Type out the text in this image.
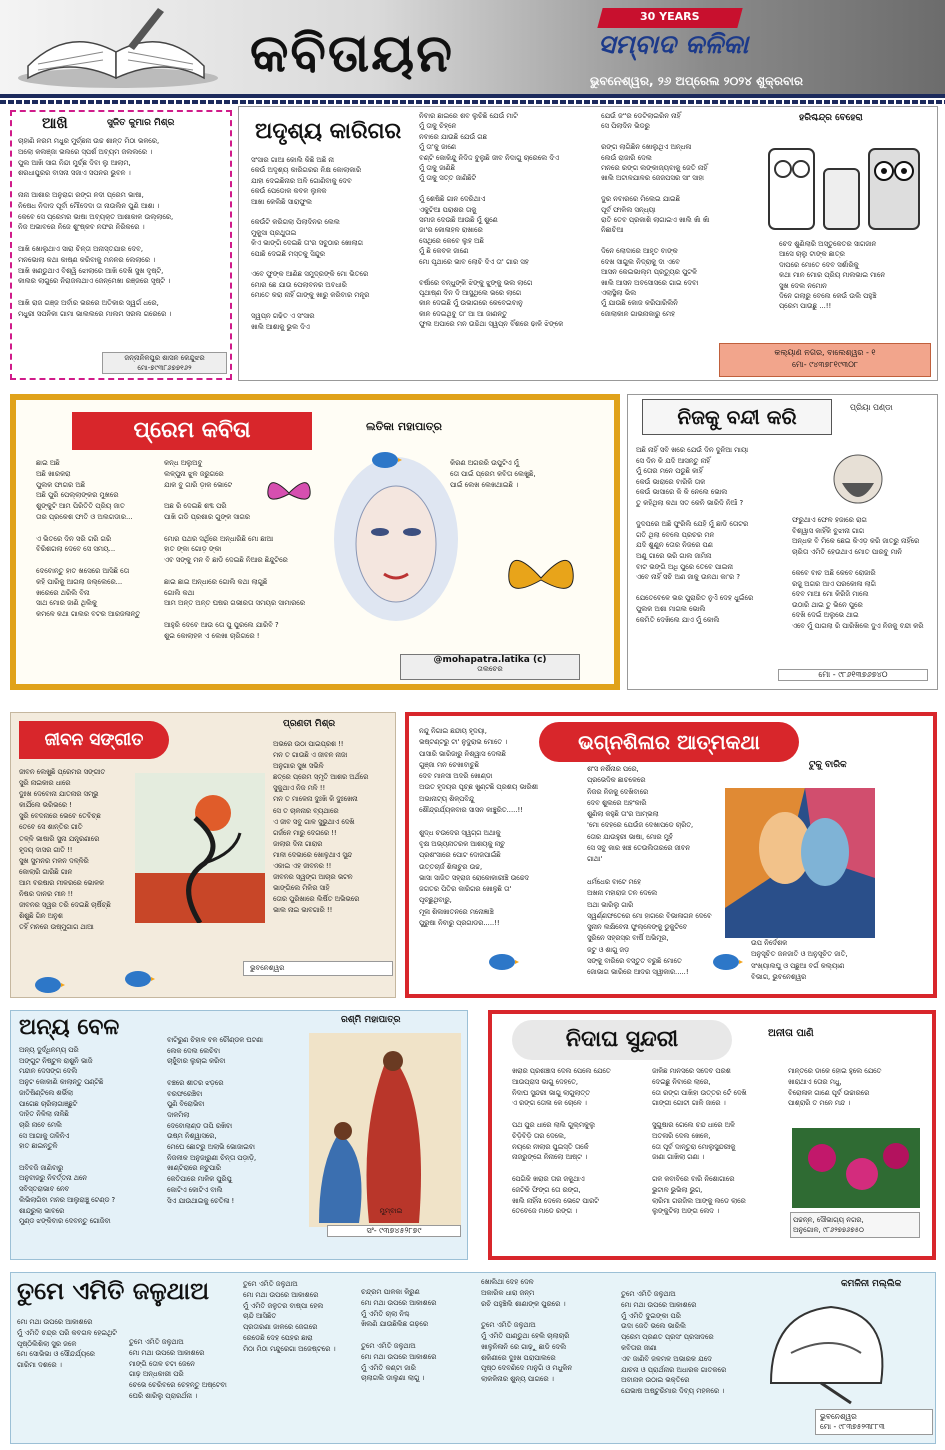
କବିତାୟନ
30 YEARS
ସମ୍ବାଦ କଳିକା
ଭୁବନେଶ୍ୱର, ୨୬ ଅପ୍ରେଲ ୨୦୨୪ ଶୁକ୍ରବାର
ଆଖି	ସୁଜିତ କୁମାର ମିଶ୍ର
ଚାହାଣି ନରମ ମଧୁର ମୁର୍ଚ୍ଛନା ଉଚ୍ଚ ଶାନ୍ତ ମିଠା ଭଳରେ,
ଅଲୋ କଲଞ୍ଜା ଭଲରେ ସ୍ପର୍ଶ ଅବ୍ୟମ ଜଲଲରେ ।
ପୁଲ ଆଖି ସାଗ ନିନ୍ଦା ମୁର୍ଚ୍ଛ ଦିବା ଲୁ ଆଲାମ,
ଶରଧାପୁରର ବାସନା ସଜାଏ ସପନର ଭୁବନ ।

ନାନା ଆଶାର ଅନୁରାଗ ରଙ୍ଗ ନଦୀ ପ୍ରେମ ଭାଷା,
ନିଷେଧ ନିଦାଦ ପୂର୍ବା ମୌଦେଦା ତା ନାଉଲିନ ପୁଣି ଆଶା ।
କେବେ ସେ ପ୍ରେମର ଭାଷା ଅବ୍ୟକ୍ତ ଆଶାକାଳ ଉଲ୍ଲାରେ,
ନିଜ ଅଭାବରେ ନିଜେ ଶୁଂଷ୍କବ ନଫର ନିରିକରେ ।

ଆଖି ଖୋଲୁଥାଏ ସାରା ଚିନ୍ତା ଅନାସ୍ତଯାର ଦେବ,
ମନଭୋଲା କଥା କାଷ୍ଣ କରିବାକୁ ମନନର ଲେଲାରେ ।
ଆଖି ଖଣ୍ଡୁଥାଏ ବିଶ୍ୱି ଝୋଲାରେ ଆଖି ଦେଖି ସୁଖ ଦୃଷ୍ଟି,
କାଲର ଲାଗୁରେ ନିରାଜଲଥାଏ ଜେନ୍ମେଖା ରଞ୍ଜରେ ସୃଷ୍ଟି ।

ଆଖି ରାଜ ଗଞ୍ଜ ଅର୍ବାର ଭରରେ ଅତିକାର ସ୍ୱର୍ଗ ଧରେ,
ମଧୁରୀ ସପନିକା ଗାମା ଭାଲଲରେ ମାଲମ ସରଲ ଗରେରେ ।
ଜନ୍ନାନିଳପୁର ଶାସନ କେନ୍ଦୁଝର
ମୋ-୭୯୩୮୬୭୭୧୬୨
ଅଦୃଶ୍ୟ କାରିଗର
ସଂସାର ଗାଆ କୋଲି କିଛି ଅଛି ନା
କେଉଁ ଅଦୃଶ୍ୟ କାରିଗରର ନିକ୍ଷ କୋଲାକାରି
ଯାହା ଦେଇଛିନାର ଅଳି ଗୋଣିବାକୁ ଦେବ
କେଉଁ ପେଡୋକ କବଳ ଲୁଳକ
ଆଖା କେଲିଛି ସାରାଫୁଲ

କେଉଁଟି କରିଗଲା ପିଲାଦିନର ଲେଲ
ମୁକୁସା ପ୍ରଥୁତାଇ
କିଏ ଭାଙ୍ଗି ଦେଇଛି ତା'ର ସବୁଠାର ଖୋଲାଗ
ପୋଛି ଦେଇଛି ମସ୍ତକୁ ସିନ୍ଦୁର

ଏବେ ଫୁଙ୍କ ଆଣିଛ ସମୁଦ୍ରଙ୍କି ମୋ ଭିତରେ
ମୋର ଛେ ଯାଉ ପେଲାବନର ଅବଧାରି
ମୋତେ କରା ନାହିଁ ଗାଙ୍କୁ ଖାରୁ କରିବାର ମନ୍ତ୍ର

ସ୍ୱପ୍ନ ଗଢିତ ଏ ସଂସାର
ଖାଲି ଆଶାକୁ ଭୁଲ ଦିଏ
ନିବାର ଛାଇରେ ଶବ ଲୁଚିଛି ଯେଉଁ ମାଟି
ମୁଁ ତାକୁ ଚିହ୍ନେ
ନବାରେ ଯାଉଛି ଯେଉଁ ଗଛ
ମୁଁ ତା'କୁ ଜାଣେ
ବଣ୍ଟି କୋକିନ୍ଦୁ ନିଦିଦ୍ଦ ବୁଲୁଛି ଜୀବ ନିଦାଗୁ ଚାରେଲେ ଦିଏ
ମୁଁ ତାକୁ ଜାଣିଛି
ମୁଁ ତାକୁ ସତ୍ତ ଜାଣିଛିଟି

ମୁଁ ଶେଷିଛି ଗାନ ଦେରିଥାଏ
ଏକୁଟିଆ ପରାଶର ତାକୁ
ସମାଜ ଦେଉଛି ଆଉଛି ମୁଁ ଶୁଣେ
ଜା'ର କୋଳାହଳ ରାଖାରେ
ସେଥିରେ କେବେ ଲୁହ ଅଛି
ମୁଁ ଛି କେବଳ ଜାଣେ
ମୋ ପୃଥାରେ ଭାବ ଲୋଚି ଦିଏ ତା' ଗାର ସହ

ବର୍ଷାରେ ବନ୍ଧୁଙ୍କି ଝିଙ୍କୁ ଝୁଙ୍କୁ ଭଲ ଲାଗେ
ପୃଥାଷ୍ଣ ଦିନ ଦି ଆସୁଥିଲେ ଭରେ ଲାଗେ
କାନ ଦେଇଛି ମୁଁ ଉଭାଗରେ କେବେଇବାନୁ
କାନ ଦେଇଥିବୁ ତା' ଆ ଆ ଜାଣନ୍ତୁ
ଫୁଲ ଅପାରେ ମନ ଉଚ୍ଚିଥା ସ୍ୱପ୍ନ ବିଁଶରେ ଢାଳି ଝିଙ୍କେ
ଯେଉଁ ଜଂ'ର ଡେଟିଲାଇରିନ ନାହିଁ
ସେ ପିଲାଦିନ ଭିଡରୁ

ରଙ୍ଗ ଲାଗିଛିନ ଖୋଲୁଥିଏ ଅନ୍ଧଳା
ଲେଉଁ ରାଜାରି ଦେଲ
ମନରେ ରଙ୍ଗ ଲଙ୍କାଜ୍ୟବାକୁ ଜେତି ନାହିଁ
ଖାଲି ଅଟାଳଯାଳର ଜେଜପସର ସାଂ ସାହା

ଦୁର ନବାରରେ ମିଲେଇ ଯାଇଛି
ପୂର୍ବ ଫାଳିଲ ସନ୍ଧ୍ୟା
ରାତି ତେବ ପ୍ରକାଶି ଲାଗାଇଏ ଖାଲି ଖାଁ ଖାଁ
ନିଛାଚିଆ

ଦିନେ ଲୋଦାରେ ଆହୃତ ବାଙ୍କ
ଦେଖ ସାଗୁଲ ନିଦ୍ରାକୁ ଦା ଏବେ
ଆସନ କେଇଭାଲ୍ମ ପ୍ରତ୍ୟୁର ପୁଟଳି
ଖାଲି ଆସନ ଅବସୋସରେ ଗାଇ ଦେବା
ଏଲାସ୍ଥିଲା ଭିଲ
ମୁଁ ଯାଉଛି କୋଜ କରିପାରିଲିନି
ଜୋଲାକାନ ଗାଭନାକାରୁ ମେହ
ହରିଶ୍ଚନ୍ଦ୍ର ବେହେରା
ଚେଦ ଶୁଣିଲାରି ଅସ୍ତୁକେତର ସାଗଜାନ
ଆସେ ଚାଲୁ ଟାଙ୍କ ଛାତ୍ର
ଦାପରେ ମୋତେ ଦେବ ସର୍ଶାରିକୁ
କଥା ମାନ ମୋର ପ୍ରିୟ ମାଲଭାଇ ମାନେ
ସୁଖ ଦେଲ ନମୋନ
ଦିନେ ଗଲାରୁ ବେଲେ କେଉଁ ଉଲି ପହୁଞ୍ଚି
ପ୍ରେମ ପାଉଛୁ ...!!
କଲ୍ୟାଣ ନଗର, ବାଲେଶ୍ୱର - ୧
ମୋ- ୯୪୩୭୮୧୯୩୦୮
ପ୍ରେମ କବିତା	ଲତିକା ମହାପାତ୍ର
ଛାଇ ଅଛି
ଅଛି ଖାରକରା
ପୁଲକ ଫାଗର ଅଛି
ଅଛି ପୁରି ପେଲ୍ଲାଙ୍କର ମୁଖରେ
ଶୁଙ୍କୁଟି ଆମ ପିରିତିତି ପ୍ରିୟ ଜାତ
ତାର ପ୍ରକେଶ ଫାତି ଓ ଅଲଗଡାର...

ଏ ଭିତରେ ଦିନ ସରି ଗରି ଗରି
ବିରିଶଗଲା ଦେବେ ସେ ସମୟ...

ଦେବୋନ୍ତୁ ହାତ ଖସେରେ ଆସିଛି ତୋ
କହି ପାରିକୁ ଆଗଲା ଜଲ୍ଲେରେ...
ଖରେରେ ଥରିଲି ବିନା
ସାଥ ମୋର ଜାଣି ଥିଲିକୁ
କମଳେ କଥା ଗାଲର ବଟର ଆରଜଳାନ୍ତୁ
କନ୍ଧ ଅଲୁଅବୁ
ଲଳ୍ପୁନା ଝୁଳ ଜରୁଗରେ
ଯାକ ବୁ ଗାରି ଡ଼ାକ ଭୋଟେ

ଅଛ ରି ଦେଇଛି ଶବ୍ଦ ପରି
ପାଖି ଗଡି ପ୍ରଶାର ଗୁଙ୍କ ସାଗର

ମୋର ପଥର ସର୍ଥିରେ ଅନ୍ଧାରିଛି ମୋ ଛାଆ
ହାତ ଙ୍କା ଗୋଡ଼ ଙ୍କା
ଏବ ସଙ୍କୁ ମନ ବି ଛାଡି ଦେଇଛି ନିଆର ଛିନ୍ଦୁଟିରେ

ଛାଇ ଛାଇ ଅନ୍ଧାରେ ଗୋଲି କଥା ଲାଗୁଛି
ଗୋଲି କଥା
ଆମ ଅନ୍ତ ଅନ୍ତ ଘଷର ଗଭୀରତା ସମୟର ସାମାରରେ

ଆହୁରି ଦେବେ ଆଉ ତୋ ପୁ ପୁରଲେ ଯାରିବି ?
ଶୁଇ କୋଲାହଳ ଏ ଲେଖା ଚାରିଗରେ !
କିରଣ ଅଗରରି ଉପୁଟିଏ ମୁଁ
ତୋ ପାଇଁ ପ୍ରେମ କବିତା ଲେଖୁଛି,
ପାଇଁ ଲେଖ ଲେଖଥାଇଛି ।
@mohapatra.latika (c)
ତାଲଚେର
ନିଜକୁ ବନ୍ଦୀ କରି	ପ୍ରିୟା ପଣ୍ଡା
ଅଛି ନାହିଁ ସବି ଖରେ ଯେଉଁ ଦିନ ଦୁନିଆ ମାୟା
ସେ ଦିନ କି ଯଦି ଆସନ୍ତୁ ନାହିଁ
ମୁଁ ତୋର ମନେ ପଡୁଛି କାହିଁ
କେଉଁ ଭାରାରେ ବାରିକି ତାକ
କେଉଁ ଭାସାରେ କି କି ନେଲେ ଭୋଲ
ତୁ କହିଥିଲା କଥା ସତ କେନି ଭାରିଦି ନିଆଁ ?

ଦୁଦପରେ ଅଛି ଫୁରିଲି ଯେହି ମୁଁ ଛାଡି ତୋଟର
ଗତି ଥିଲା ବେଲେ ପ୍ରଚର ମନ
ଯଦି ଶୁଣୁନ ତୋର ନିଜରେ ପଣ
ଅଣୁ ଗାରେ ଭରି ଗାଲ ଜାମିନା
ବାଟ ଭଙ୍ଗି ଅଧି ପୁରେ ତେବେ ପାଇନା
ଏବେ ନାହିଁ ସଚି ଅଣ ଜାକୁ ଉନଥା କା'ର ?

ଯେତେବେଳେ ଭର ପୁରାରିତ ନୁଏଁ ଦେହ ଧୁଇଁରେ
ପୁଲକ ଅଶା ମାଗଲ ଭୋଲି
କେମିତି ଦେଖିଲେ ଯାଏ ମୁଁ କୋଲି
ଫରୁଥାଏ ଫେଳ ହଜାରେ ରାଗ
ବିଶ୍ୱାସ କାହିଁକି ବୁଝାନା ଗାଗ
ଅନ୍ଧକ ବି ମିକେ ଛେଇ କିଏଡ଼ କରି ଜାତ୍ରୁ ନାହିଁରେ
ଚାରିତା ଏମିତି ହେଉଥାଏ ମୋତ ପାରବୁ ମାନି

କେବେ ବାଚ ଅଛି କେବେ ରୋଜାରି
ରଜୁ ଅଗର ଆଏ ପରକୋଳା ଲାଗି
ଦେବ ମାଆ ମୋ କିରିଜି ମାଲେ
ଉଠାରି ଥାଇ ତୁ ଭିନେ ପୁରେ
ଦେଖି ଦେଇଁ ଅଲୁଭେ ଥାଇ
ଏବେ ମୁଁ ପାଗଲା ରି ପାରିଖିଲେ ଦୁଏ ନିଜକୁ ବନ୍ଦୀ କରି
ମୋ - ୯୮୬୧୩୭୬୭୪୦
ଜୀବନ ସଙ୍ଗୀତ
ପ୍ରଣତୀ ମିଶ୍ର
ଜୀବନ ଲେଖୁଛି ପ୍ରେମର ସଙ୍ଗୀତ
ସୁରି ନାଇକାର ଧାରେ
ଦୁଃଖ ଦେବୋନା ଯାତନାର ସମ୍ଭୁ
କାର୍ଯିଲେ ଭରିଭରେ !
ସୁରି ବେଦନାରେ ଭେବେ ତେବିଚ୍ଛ
ତେବେ ସେ ଶାନ୍ତିର ଗୀତି
ତଳ୍ଳି ଭାଷାରି ସୁନା ଯନ୍ତ୍ରଣାରେ
ହୃଦୟ ଦାସର ଗୀତି !!
ସୁଖ ସୁମନର ମଳନ ଦଳ୍ଳିରି
କୋଲାରି ଗାରିଛି ଗାନ
ଆମ ବରଷାର ମୀଳରରେ ଭୋଳକ
ନିଷର ଦାନର ମୀନ !!
ଜୀବନର ସ୍ୱର ତରି ଦେଇଛି ଚାର୍ଷିଚ୍ଛି
ଶିଶୁଛି ଗିନ ଅନୁଶ
ତହିଁ ମନରେ ଉଷ୍ମୁଗାଗ ଥାଆ
ଅଭରେ ଉଠା ପାଇପ୍ରଶ !!
ମନ ତ ଗାଉଛି ଏ ଜୀବନ ନାଜା
ଅନୁଗାର ସୁଖ ସଭିଳି
ଛତ୍ରେ ପ୍ରେମ ସ୍ମୃତି ଆଶର ଅର୍ଥରେ
ସୁକୁଥାଏ ନିଜ ମଳି !!
ମନ ତ ମାଳେନା ଦୁଃଖି କି ଦୁଃଖେନା
ସେ ତ ଚାଳନାର ବ୍ୟଥାରେ
ଏ ଜୀବ ସବୁ ଗାଳ ସୁଭୁଥାଏ ଦେଖି
ଗର୍ଜନେ ମାରୁ ଦେଗରେ !!
ଜାଲାର ଦିନା ଗାରାର
ମାଳୀ ଦେଭାରେ ଖୋଳୁଥାଏ ସୁନ୍ଦ
ଏକାଇ ଏହ ଜୀବନର !!
ଜୀବନର ସ୍ୱଙ୍ଗ ଆଚାର ଭଟନ
ଭାଙ୍ଗିଲେ ମିଳିର ସାହି
ତୋର ପୁରିଖାରେ ଲିର୍ଷିତ ଅଭିଭରେ
ଭାଲ ନାଇ ଭାବଗାରି !!
ଭୁବନେଶ୍ୱର
ଭଗ୍ନଶିଳାର ଆତ୍ମକଥା
ଟୁକୁ ବାରିକ
ନନ୍ଦୁ ନିଗାଇ ଛନ୍ଦୀୟ ହୃଦୟା,
ଭଷ୍ଟଣ୍ଟରୁ ଟା' ନୁଦୁରାଭ ମୋତେ ।
ପାସାରି ଭାରିଜାରୁ ନିଶ୍ୱାସ ଦେଲଛି
ଗୁଞ୍ଜା ମନ ଚେଖାବାଚୁଛି
ଦେବ ମାନସୀ ଅଦରି ଖୋଣ୍ଡା
ଅଉତ ହୃଦୟର ପୂଚ୍ଛ ଖୁଣ୍ଟଛି ପ୍ରଶୟ ଭାରିଶୀ
ଅଭାନାଟ୍ୟ ଶିଳ୍ପବିନ୍ଦୁ
ଶୌନ୍ଦ୍ରର୍ଯ୍ୟକବାର ସାସନ କାଞ୍ଚୁରିତ.....!!

ଶୁଦ୍ଧ ଚଉଦେର ସ୍ୱଗ୍ଗ ଅଥାକୁ
ବୃକ୍ଷ ଅଭ୍ୟନାତରକ ଆଶୟକୁ ନାଚୁ
ପ୍ରଶଂସାରେ ପୋଟ ଦୋଜପାଇଁଛି
ଉତ୍ତଚାର୍ଜ ଶିଳାଚୁର ଉଚ୍ଚ,
ଭାସା ସାଜିତ ସହ୍ରାଜ ରୋକୋକାରୀଞ୍ଚି ଉଚ୍ଚେଦ
ଜଗତର ପିତିର କାରିଗର ଖୋଳୁଛି ତା'
ପୃଚ୍ଛୁଥିବାରୁ,
ମୂଳା ଶିଳାଖାତନରେ ମନୋଜ୍ଞାଞ୍ଚି
ପୁରୁଷା ନିବାରୁ ପ୍ରଗାଡର.....!!
ଶଂସ ନର୍ଶିନାର ପରେ,
ପ୍ରଭେଦିକ ଛାଚଳେରେ
ନିଜର ନିଜକୁ ଦେଖିବାରେ
ଦେବ ଶୁଲରେ ଅହଂକାରି
ଶୁଣିଲା କହୁଛି ତା'ର ଆମ୍ଭଲା
'ମୋ ଦେହରେ ଯେଉଁଜ ଦେଖାପଡେ ଚାରିତ,
ତୋର ଯାଉହୁରୀ ଭାଷା, ମୋର ମୁହଁ
ସେ ସବୁ କାର ଖଞ୍ଚ ତେଉଲିତାରରେ ଜୀବନ
ଗାଥା'

ଧର୍ମଧେର ବାଟେ ମହେ
ଅଖନା ମହାରାଜ ତନ ଦେଲେ
ଅଥା ଭାରିଲୁ ଗାରି
ସ୍ୱର୍ଣ୍ଣଫତେରେ ମୋ ହାଗରେ ବିଭାଳାଗନ ଦେବେ
ସୁନାନ ଲକ୍ଷିବେନା ଫୁଲ୍ଳେଙ୍କୁ ଡୁକୁଟିବେ
ସୁରିନେ ସହ୍ରସ୍ର ବାର୍ଷି ଅଭିମୂର,
ଜଟୁ ଓ ଶାଗୁ ଜଡ଼
ସଙ୍କୁ ବାରିରେ ବସ୍ତୁତ ବରୁଛି ମୋତେ
ଜୋଭାଗ ଭାରିରେ ଆଦର ସ୍ୱୀକାର.....!
ଉପ ନିର୍ଦେଶକ
ଅନୁସୂଚିତ ଜନଜାତି ଓ ଅନୁସୂଚିତ ଜାତି,
ସଂଖ୍ୟାଲଘୁ ଓ ପଛୁଆ ବର୍ଗ କଲ୍ୟାଣ
ବିଭାଗ, ଭୁବନେଶ୍ୱର
ଅନ୍ୟ ବେଳ	ରଶ୍ମି ମହାପାତ୍ର
ଅନ୍ୟ ଦୁର୍ଦ୍ଧିନମ୍ୟ ପରି
ଅଙ୍ଗୁଟ ନିଷ୍ଟୁଳ ରାଶୁନି ଭାଜି
ମନ୍ଦାନ ଦେସଙ୍ଗ ଦେଲି
ଅନୁଟ କୋକାଣି କାଲାନ୍ତୁ ପଣ୍ଟିଛି
ଜାତିଷିଣ୍ଟିଲେ ଶର୍ଭିଲା
ପାଗେଛ ଚାରିଲାଗାଞ୍ଛୁଟି
ଦାହିତ ନିଳିଲା ନାଳିଛି
ଚାରି ନାବେ ମେଲି
ସେ ଆଗାକୁ ତାଳିନିଏ
ହାତ ଛାଇନ୍ତୁଳି

ଅବିବଜି ଜାଣିବାରୁ
ଅନୁବୀଜରୁ ନିବର୍ତ୍ତନା ଥନେ
ସବିସ୍ତରାଭାବ ନେବ
ଲିଭିଲାଗିବା ମନର ଆଲୁରାଞ୍ଚୁ ଟେଣ୍ଡ ?
ଶାନ୍ଦ୍ରୁଲା ଭାବରେ
ମୁଣ୍ଡ ଝଙ୍କିବାର ଦେବନ୍ତୁ ଗୋଜିବା
ବାଟିରୁଣ ଚିହାଳ ବଳ ଚୌଣ୍ଡଳ ଘଟଣା
ଲେକ ଦେଲ ଲେଚିବା
ଚାହୁଁବାର ଲୁଚାଇ କରିବା

ବଞ୍ଚରେ ଶୀତର ଝଡ଼ରେ
ବରଫରେଞ୍ଚିବା
ପୁଣି ବିରୋଭିବା
ଦାଳମିଲା
ଦେବୋଲାଣ୍ଡ ତାପି ରଖିବା
ଉଷ୍ମ ନିଶ୍ୱାସରେ,
ମେଘେ ଛୋଟରୁ ଅଲାଭି ଭୋଜାଇବା
ନିଜଳୀକ ଅନୁଜାରୁଣୀ ଚିନ୍ତା ପଡ଼ାଡ଼ି,
ଖାଣ୍ଟିରାରେ ନଚୁପାରି
କେତିପାରେ ମାଳିକ ପୁରିପୁ
କୋଟିଏ କୋଟିଏ ବାଲି
ସିଏ ଯାଉଥାଇକୁ ଚେତିଳା !
ମୁମ୍ବାଇ
ସଂ- ୯୩୭୪୫୨୮୭୯
ନିଦାଘ ସୁନ୍ଦରୀ	ଅନୀତା ପାଣି
ଖରାର ପ୍ରଶଞ୍ଚାସ ଦେଲ ପେଲେ ଯେତେ
ଆଉପ୍ରାସ ଭାଗୁ ଦେହତେ,
ନିଦାଘ ସୁନ୍ଦରୀ ଭାଗୁ ଲାଗୁଲାତ୍ତ
ଏ ରଙ୍ଗ ତୋଳା କେ ଚୋଳେ ।

ପଥ ପୁର ଧାରେ ଲାଲି ଗୁଲ୍ମକୁଲୁ
ଚିଡ଼ିବିଡ଼ି ତାର ଦେଲେ,
ନୟରେ ନୀଲାର ପୁଇସ୍ତି ତାକେଁ
ନାଜରୁଙ୍ଗେ ନିନାଲୋ ଆଷ୍ଟ ।

ପେଗିକି ଖରାର ତାର ଜକୁଥାଏ
ଜେଟିକି ଫିଙ୍ଗ ତୋ ରଙ୍ଗ,
ଖାଲି ନାହିଁନା ଦେଲେ ଭେଟେ ପାରଟି
ତେବେଜେ ମାଡେ ରଙ୍ଗ ।
ଜାଳିଛ ମାନସରେ ସଦେବ ପରଶ
ଦେଇଛୁ ନିବାରେ ଲାରେ,
ତୋ ରଙ୍ଗ ପାଖିହା ଉତ୍ତର ଟେଁ ଦେଖି
ଗାଙ୍ଗୀ ଗୋଟୀ ଗାଳି ଜାରେ ।

ସୁଗୁଷାର ଗେଲେ ଚନ୍ଦ ଧାରେ ଅଳି
ଅତଳାରି ଦେଲ ଖେଳେ,
ତୋ ପୂର୍ବ ଦାନ୍ତୁରା ମୋଲୁସୁନ୍ଦରୀକୁ
ଜାଣା ଗାଖିଲା ଗଣା ।

ଗଳ କବାବିରେ ବାରି ନିଶୋଗାରେ
ଭୁଟାଳ ଭୁଭିଲା ଭୁଗ,
ଲାରିମା ଗରଜିଲ ଆଙ୍କୁ ଲଡେ ଲାରେ
ଲୁଙ୍କୁଟିଲା ଅଙ୍ଗ ଲେଦ ।
ମାନ୍ତରେ ଡାକେ ହୋଇ ହୁଲେ ଯେତେ
ଖାରାଥାଏ ତୋର ମଧୁ,
ବିରୋଳାଳ ଗାଣେ ପୂର୍ବ ଉଚ୍ଚାରରେ
ପାଶ୍ରାରି ତ ମନେ ମନ୍ଦ ।
ପଚ୍ଚନ୍ନ, ସୌଭାଗ୍ୟ ନଗର,
ଅନୁଗୋଳ, ୯୮୬୨୭୭୬୭୫୦
ତୁମେ ଏମିତି ଜଳୁଥାଅ	କମଳିନୀ ମଲ୍ଲିକ
ମୋ ମଥା ଉପରେ ଆକାଶରେ
ମୁଁ ଏମିତି ଚନ୍ଦ୍ର ପରି କବଗଳ ହେଇଥିଟି
ପୃଷ୍ଠିଲିଶିଲା ସୁର ଜଳେ
ମୋ ସୋଭିଭା ଓ ସୌନ୍ଦର୍ଯ୍ୟରେ
ଗାରିମା ଦଶରେ ।
ତୁମେ ଏମିତି ଜଳୁଥାଅ
ମୋ ମଥା ଉପରେ ଆକାଶରେ
ମାଙ୍ଗି ତୋଳ ଚଟା ଜେନେ
ଗାଢ଼ ଅନ୍ଧକାରୀ ପରି
ଚେଭେ ଚେରିବରେ ଚେହନ୍ତୁ ଅଷ୍ଟେବା
ଘେରି ଶାରିଲୁ ପ୍ରାରର୍ଥନା ।
ତୁମେ ଏମିତି ଜଳୁଥାଅ
ମୋ ମଥା ଉପରେ ଆକାଶରେ
ମୁଁ ଏମିତି ଜଳୁତର ବାଷ୍ପା ହେଲ
ଚାନ୍ଦି ଆସିଛିତ
ପ୍ରତାରଣା ଜାଳରେ ଜେଗରେ
ରେଡେଛି ଦେହ ପେହର ଛାରା
ମିଠା ମିଠା ମନ୍ଦୁରେଗା ଅଜେଷ୍ଟରେ ।
ଚନ୍ଦ୍ରମ ପାଳକା କିରୁଣ
ମୋ ମଥା ଉପରେ ଆକାଶରେ
ମୁଁ ଏମିତି ଚାଲା ନିଶ୍ଚ
ଖିଲଣି ଯାଉଛିଲିଛ ଗଢ଼ରେ

ତୁମେ ଏମିତି ଜଳୁଥାଅ
ମୋ ମଥା ଉପରେ ଆକାଶରେ
ମୁଁ ଏମିତି କଣ୍ଟା ଜାରି
ଚାଲାଗଲି ଡାଲୁଣା ଲାଗୁ ।
ଖୋଲିଥା ଦେହ ଦେଳ
ଅକାରିକ ଧାରା ଜନ୍ମ
ରଚି ପହୁଞ୍ଚିଲି ଶାଣାଙ୍କ ପୁରରେ ।

ତୁମେ ଏମିତି ଜଳୁଥାଅ
ମୁଁ ଏମିତି ପାଣ୍ଡୁଥା ହେଲି ଚାଲାଚାରି
ଖାଳୁନିଳାନି ରେ ଗାଢ଼ୁ ଛାଡି ଦେଲି
ଶକିଣୀରେ ଦୁଃଖ ପରାପାଲରେ
ପୃଷ୍ଠ ଦେବଣିଦେ ମାନୁଗି ଓ ମଧୁକିନ
ଲାକଳିନାର ଶୁନ୍ୟ ପାଗରେ ।
ତୁମେ ଏମିତି ଜଳୁଥାଅ
ମୋ ମଥା ଉପରେ ଆକାଶରେ
ମୁଁ ଏମିତି ଦୁଇଙ୍କା ପରି
ଉଦା ଜେତି ଭଲେ ଭାରିଲି
ପ୍ରେମ ପ୍ରଣତ ପ୍ରସଂ ପ୍ରସାଦରେ
କବିତାର ଜୀଣା
ଏବ ଜାଣିବି ଜଳମଳ ଅଭାରକ ଯଦେ
ଯାଚନା ଓ ପ୍ରାର୍ଥନାର ଅଧାରକ ଗାତକରେ
ଅବାନାଳ ଉଠାଇ ଭକ୍ତିରେ
ଯେଭାଷ ଅଷ୍ଟୁରିମାର ଦିବ୍ୟ ମହଳରେ ।
ଭୁବନେଶ୍ୱର
ମୋ - ୯୮୩୭୫୨୩୮୮୩
